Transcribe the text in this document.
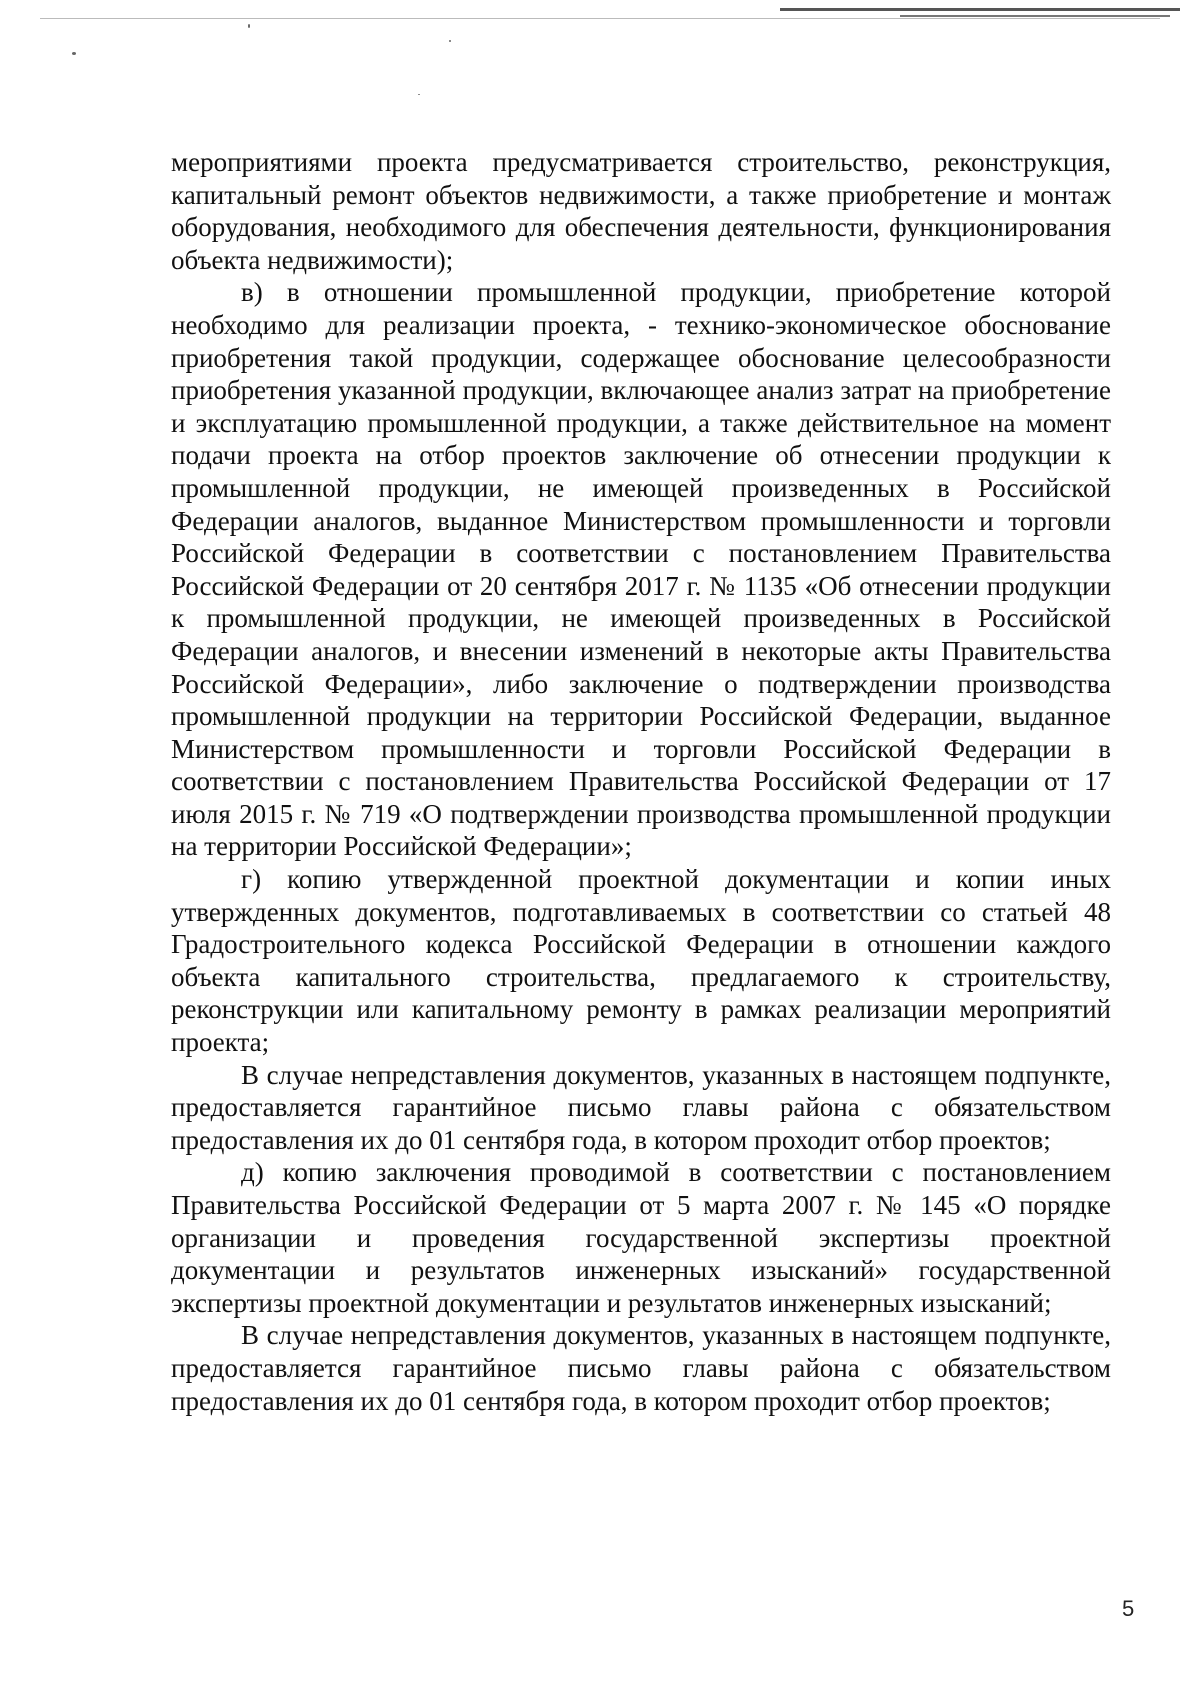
мероприятиями проекта предусматривается строительство, реконструкция, капитальный ремонт объектов недвижимости, а также приобретение и монтаж оборудования, необходимого для обеспечения деятельности, функционирования объекта недвижимости);

в) в отношении промышленной продукции, приобретение которой необходимо для реализации проекта, - технико-экономическое обоснование приобретения такой продукции, содержащее обоснование целесообразности приобретения указанной продукции, включающее анализ затрат на приобретение и эксплуатацию промышленной продукции, а также действительное на момент подачи проекта на отбор проектов заключение об отнесении продукции к промышленной продукции, не имеющей произведенных в Российской Федерации аналогов, выданное Министерством промышленности и торговли Российской Федерации в соответствии с постановлением Правительства Российской Федерации от 20 сентября 2017 г. № 1135 «Об отнесении продукции к промышленной продукции, не имеющей произведенных в Российской Федерации аналогов, и внесении изменений в некоторые акты Правительства Российской Федерации», либо заключение о подтверждении производства промышленной продукции на территории Российской Федерации, выданное Министерством промышленности и торговли Российской Федерации в соответствии с постановлением Правительства Российской Федерации от 17 июля 2015 г. № 719 «О подтверждении производства промышленной продукции на территории Российской Федерации»;

г) копию утвержденной проектной документации и копии иных утвержденных документов, подготавливаемых в соответствии со статьей 48 Градостроительного кодекса Российской Федерации в отношении каждого объекта капитального строительства, предлагаемого к строительству, реконструкции или капитальному ремонту в рамках реализации мероприятий проекта;

В случае непредставления документов, указанных в настоящем подпункте, предоставляется гарантийное письмо главы района с обязательством предоставления их до 01 сентября года, в котором проходит отбор проектов;

д) копию заключения проводимой в соответствии с постановлением Правительства Российской Федерации от 5 марта 2007 г. № 145 «О порядке организации и проведения государственной экспертизы проектной документации и результатов инженерных изысканий» государственной экспертизы проектной документации и результатов инженерных изысканий;

В случае непредставления документов, указанных в настоящем подпункте, предоставляется гарантийное письмо главы района с обязательством предоставления их до 01 сентября года, в котором проходит отбор проектов;

5
